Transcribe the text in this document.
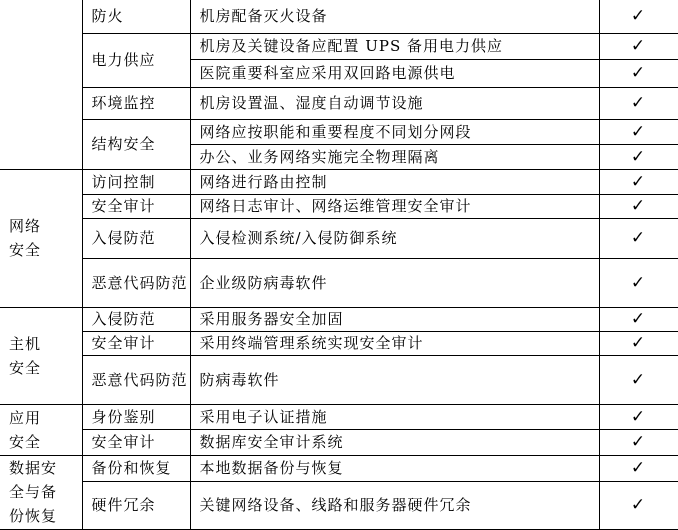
	防火	机房配备灭火设备	✓
	电力供应	机房及关键设备应配置 UPS 备用电力供应	✓
		医院重要科室应采用双回路电源供电	✓
	环境监控	机房设置温、湿度自动调节设施	✓
	结构安全	网络应按职能和重要程度不同划分网段	✓
		办公、业务网络实施完全物理隔离	✓

网络
安全	访问控制	网络进行路由控制	✓
	安全审计	网络日志审计、网络运维管理安全审计	✓
	入侵防范	入侵检测系统/入侵防御系统	✓
	恶意代码防范	企业级防病毒软件	✓

主机
安全	入侵防范	采用服务器安全加固	✓
	安全审计	采用终端管理系统实现安全审计	✓
	恶意代码防范	防病毒软件	✓

应用
安全	身份鉴别	采用电子认证措施	✓
	安全审计	数据库安全审计系统	✓

数据安
全与备
份恢复	备份和恢复	本地数据备份与恢复	✓
	硬件冗余	关键网络设备、线路和服务器硬件冗余	✓
